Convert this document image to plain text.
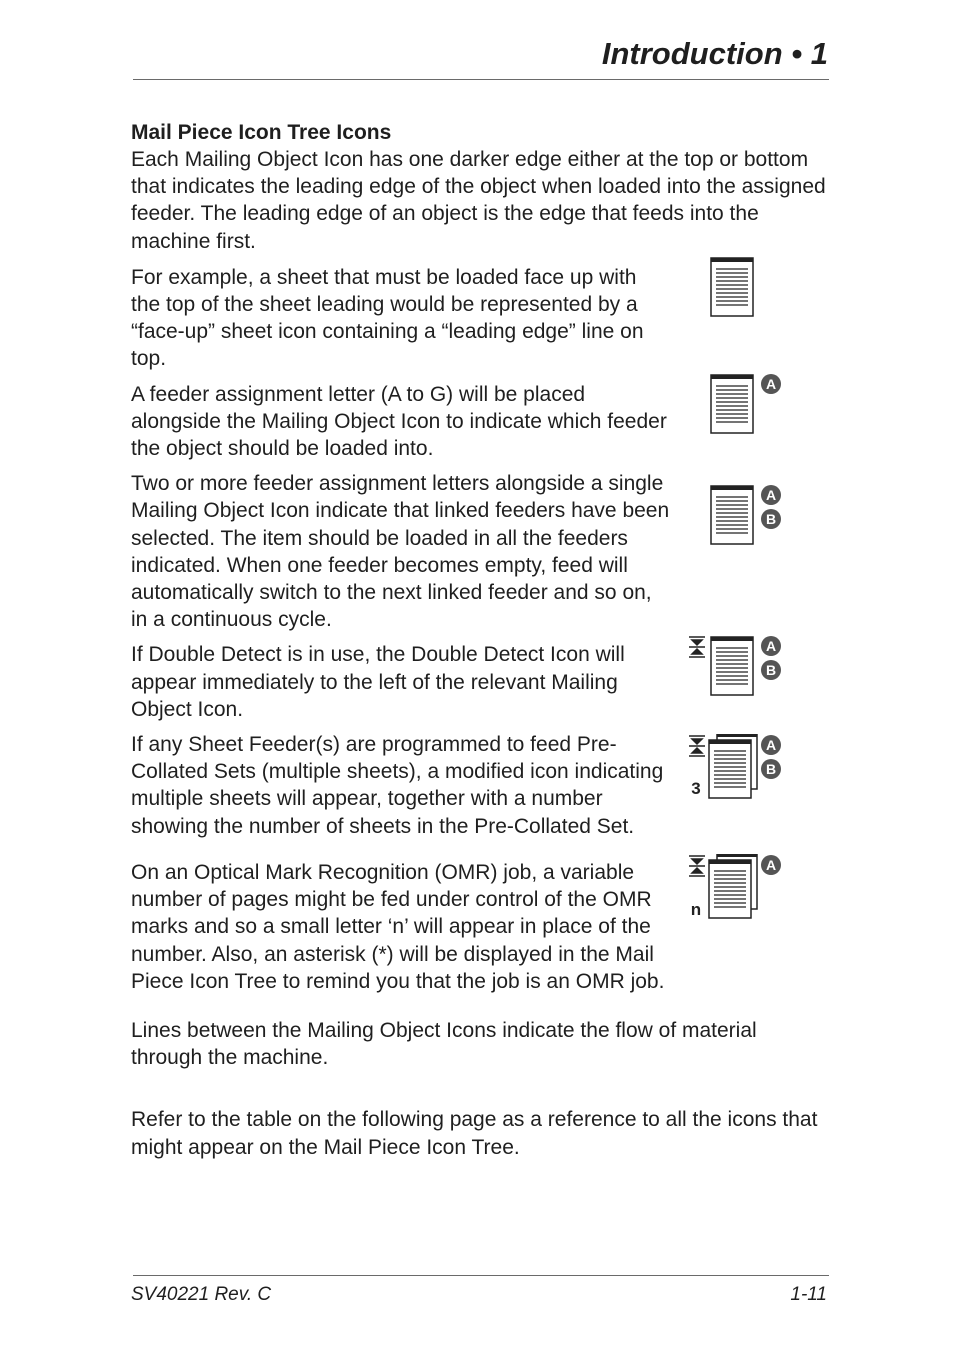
Introduction • 1

Mail Piece Icon Tree Icons

Each Mailing Object Icon has one darker edge either at the top or bottom that indicates the leading edge of the object when loaded into the assigned feeder. The leading edge of an object is the edge that feeds into the machine first.

For example, a sheet that must be loaded face up with the top of the sheet leading would be represented by a “face-up” sheet icon containing a “leading edge” line on top.

A feeder assignment letter (A to G) will be placed alongside the Mailing Object Icon to indicate which feeder the object should be loaded into.

A

Two or more feeder assignment letters alongside a single Mailing Object Icon indicate that linked feeders have been selected. The item should be loaded in all the feeders indicated. When one feeder becomes empty, feed will automatically switch to the next linked feeder and so on, in a continuous cycle.

A
B

If Double Detect is in use, the Double Detect Icon will appear immediately to the left of the relevant Mailing Object Icon.

A
B

If any Sheet Feeder(s) are programmed to feed Pre-Collated Sets (multiple sheets), a modified icon indicating multiple sheets will appear, together with a number showing the number of sheets in the Pre-Collated Set.

3
A
B

On an Optical Mark Recognition (OMR) job, a variable number of pages might be fed under control of the OMR marks and so a small letter ‘n’ will appear in place of the number. Also, an asterisk (*) will be displayed in the Mail Piece Icon Tree to remind you that the job is an OMR job.

n
A

Lines between the Mailing Object Icons indicate the flow of material through the machine.

Refer to the table on the following page as a reference to all the icons that might appear on the Mail Piece Icon Tree.

SV40221 Rev. C	1-11
